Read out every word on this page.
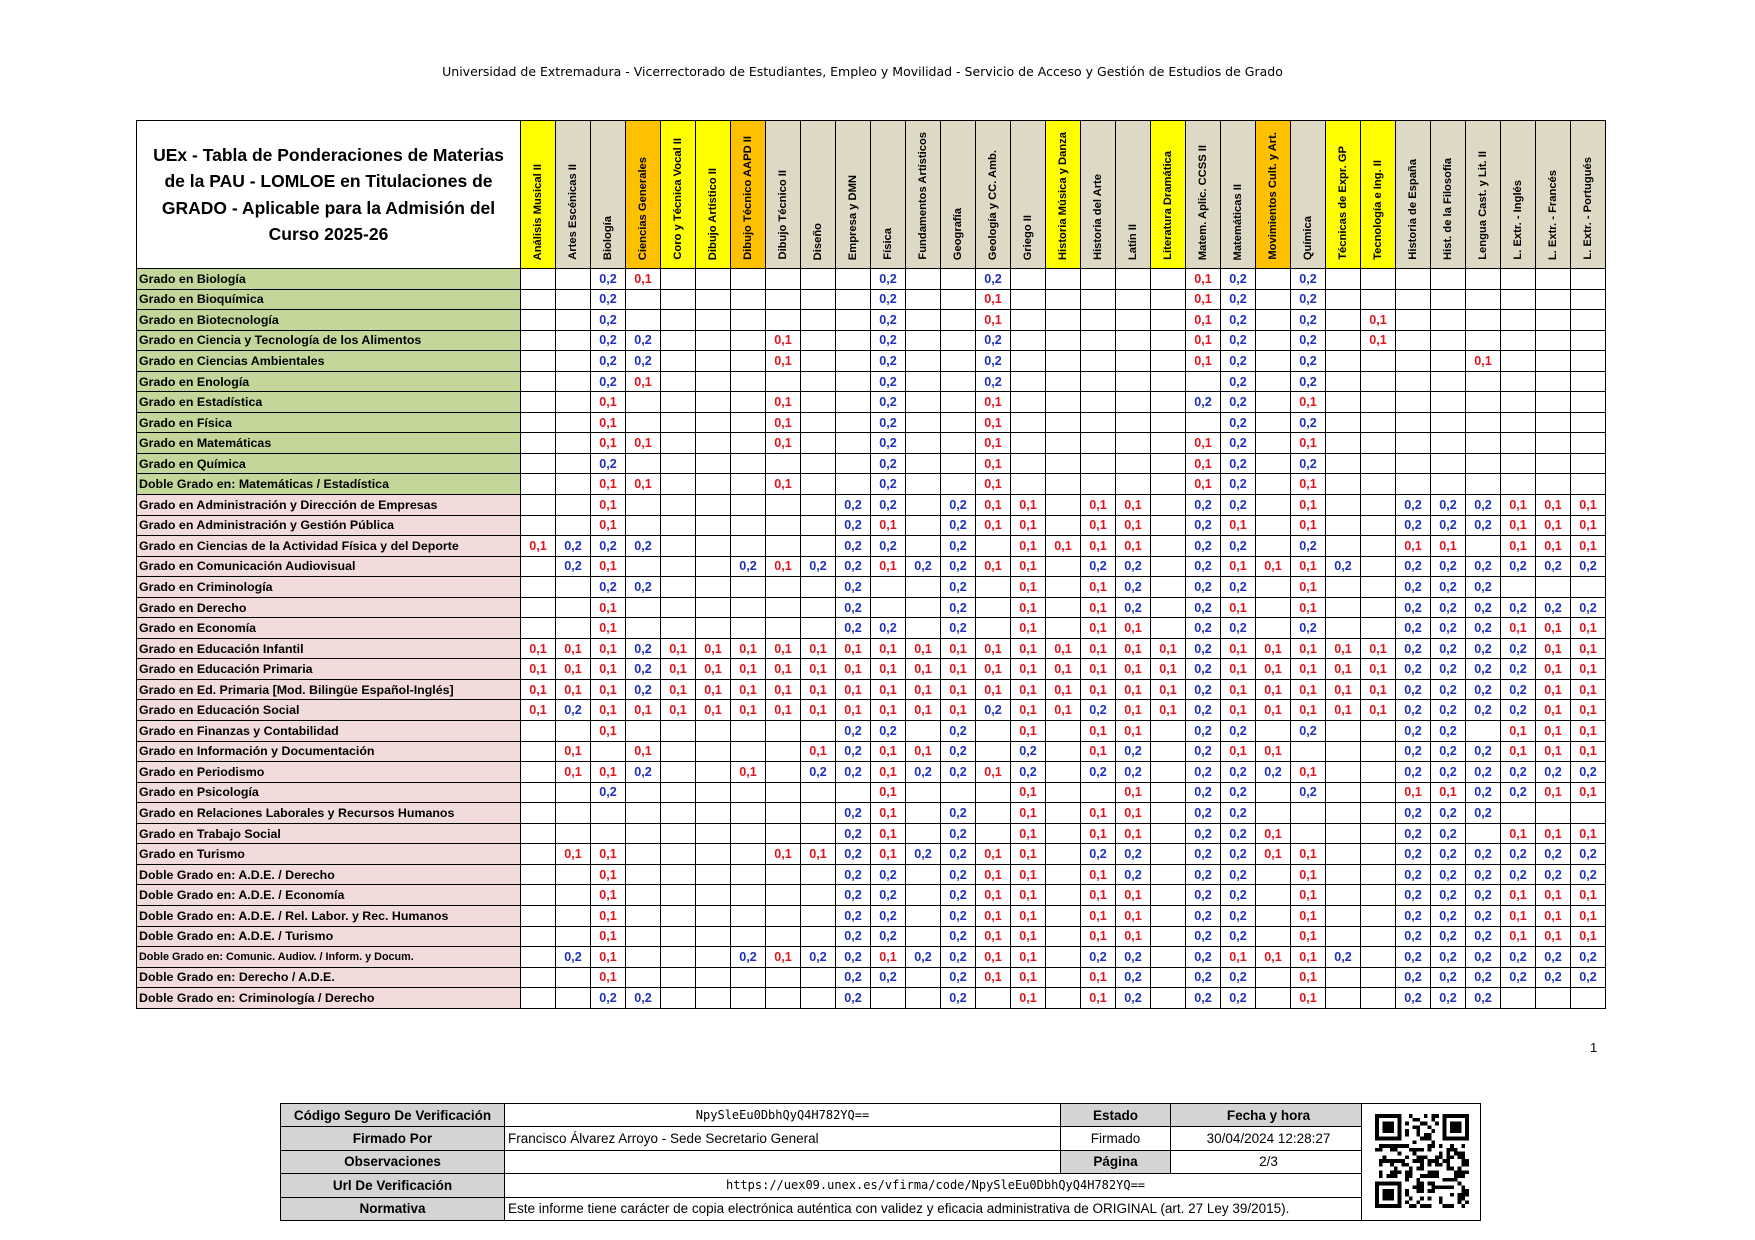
Universidad de Extremadura - Vicerrectorado de Estudiantes, Empleo y Movilidad - Servicio de Acceso y Gestión de Estudios de Grado
UEx - Tabla de Ponderaciones de Materias de la PAU - LOMLOE en Titulaciones de GRADO - Aplicable para la Admisión del Curso 2025-26	Análisis Musical II	Artes Escénicas II	Biología	Ciencias Generales	Coro y Técnica Vocal II	Dibujo Artístico II	Dibujo Técnico AAPD II	Dibujo Técnico II	Diseño	Empresa y DMN	Física	Fundamentos Artísticos	Geografía	Geología y CC. Amb.	Griego II	Historia Música y Danza	Historia del Arte	Latín II	Literatura Dramática	Matem. Aplic. CCSS II	Matemáticas II	Movimientos Cult. y Art.	Química	Técnicas de Expr. GP	Tecnología e Ing. II	Historia de España	Hist. de la Filosofía	Lengua Cast. y Lit. II	L. Extr. - Inglés	L. Extr. - Francés	L. Extr. - Portugués
Grado en Biología			0,2	0,1							0,2			0,2						0,1	0,2		0,2								
Grado en Bioquímica			0,2								0,2			0,1						0,1	0,2		0,2								
Grado en Biotecnología			0,2								0,2			0,1						0,1	0,2		0,2		0,1						
Grado en Ciencia y Tecnología de los Alimentos			0,2	0,2				0,1			0,2			0,2						0,1	0,2		0,2		0,1						
Grado en Ciencias Ambientales			0,2	0,2				0,1			0,2			0,2						0,1	0,2		0,2					0,1			
Grado en Enología			0,2	0,1							0,2			0,2							0,2		0,2								
Grado en Estadística			0,1					0,1			0,2			0,1						0,2	0,2		0,1								
Grado en Física			0,1					0,1			0,2			0,1							0,2		0,2								
Grado en Matemáticas			0,1	0,1				0,1			0,2			0,1						0,1	0,2		0,1								
Grado en Química			0,2								0,2			0,1						0,1	0,2		0,2								
Doble Grado en: Matemáticas / Estadística			0,1	0,1				0,1			0,2			0,1						0,1	0,2		0,1								
Grado en Administración y Dirección de Empresas			0,1							0,2	0,2		0,2	0,1	0,1		0,1	0,1		0,2	0,2		0,1			0,2	0,2	0,2	0,1	0,1	0,1
Grado en Administración y Gestión Pública			0,1							0,2	0,1		0,2	0,1	0,1		0,1	0,1		0,2	0,1		0,1			0,2	0,2	0,2	0,1	0,1	0,1
Grado en Ciencias de la Actividad Física y del Deporte	0,1	0,2	0,2	0,2						0,2	0,2		0,2		0,1	0,1	0,1	0,1		0,2	0,2		0,2			0,1	0,1		0,1	0,1	0,1
Grado en Comunicación Audiovisual		0,2	0,1				0,2	0,1	0,2	0,2	0,1	0,2	0,2	0,1	0,1		0,2	0,2		0,2	0,1	0,1	0,1	0,2		0,2	0,2	0,2	0,2	0,2	0,2
Grado en Criminología			0,2	0,2						0,2			0,2		0,1		0,1	0,2		0,2	0,2		0,1			0,2	0,2	0,2			
Grado en Derecho			0,1							0,2			0,2		0,1		0,1	0,2		0,2	0,1		0,1			0,2	0,2	0,2	0,2	0,2	0,2
Grado en Economía			0,1							0,2	0,2		0,2		0,1		0,1	0,1		0,2	0,2		0,2			0,2	0,2	0,2	0,1	0,1	0,1
Grado en Educación Infantil	0,1	0,1	0,1	0,2	0,1	0,1	0,1	0,1	0,1	0,1	0,1	0,1	0,1	0,1	0,1	0,1	0,1	0,1	0,1	0,2	0,1	0,1	0,1	0,1	0,1	0,2	0,2	0,2	0,2	0,1	0,1
Grado en Educación Primaria	0,1	0,1	0,1	0,2	0,1	0,1	0,1	0,1	0,1	0,1	0,1	0,1	0,1	0,1	0,1	0,1	0,1	0,1	0,1	0,2	0,1	0,1	0,1	0,1	0,1	0,2	0,2	0,2	0,2	0,1	0,1
Grado en Ed. Primaria [Mod. Bilingüe Español-Inglés]	0,1	0,1	0,1	0,2	0,1	0,1	0,1	0,1	0,1	0,1	0,1	0,1	0,1	0,1	0,1	0,1	0,1	0,1	0,1	0,2	0,1	0,1	0,1	0,1	0,1	0,2	0,2	0,2	0,2	0,1	0,1
Grado en Educación Social	0,1	0,2	0,1	0,1	0,1	0,1	0,1	0,1	0,1	0,1	0,1	0,1	0,1	0,2	0,1	0,1	0,2	0,1	0,1	0,2	0,1	0,1	0,1	0,1	0,1	0,2	0,2	0,2	0,2	0,1	0,1
Grado en Finanzas y Contabilidad			0,1							0,2	0,2		0,2		0,1		0,1	0,1		0,2	0,2		0,2			0,2	0,2		0,1	0,1	0,1
Grado en Información y Documentación		0,1		0,1					0,1	0,2	0,1	0,1	0,2		0,2		0,1	0,2		0,2	0,1	0,1				0,2	0,2	0,2	0,1	0,1	0,1
Grado en Periodismo		0,1	0,1	0,2			0,1		0,2	0,2	0,1	0,2	0,2	0,1	0,2		0,2	0,2		0,2	0,2	0,2	0,1			0,2	0,2	0,2	0,2	0,2	0,2
Grado en Psicología			0,2								0,1				0,1			0,1		0,2	0,2		0,2			0,1	0,1	0,2	0,2	0,1	0,1
Grado en Relaciones Laborales y Recursos Humanos										0,2	0,1		0,2		0,1		0,1	0,1		0,2	0,2					0,2	0,2	0,2			
Grado en Trabajo Social										0,2	0,1		0,2		0,1		0,1	0,1		0,2	0,2	0,1				0,2	0,2		0,1	0,1	0,1
Grado en Turismo		0,1	0,1					0,1	0,1	0,2	0,1	0,2	0,2	0,1	0,1		0,2	0,2		0,2	0,2	0,1	0,1			0,2	0,2	0,2	0,2	0,2	0,2
Doble Grado en: A.D.E. / Derecho			0,1							0,2	0,2		0,2	0,1	0,1		0,1	0,2		0,2	0,2		0,1			0,2	0,2	0,2	0,2	0,2	0,2
Doble Grado en: A.D.E. / Economía			0,1							0,2	0,2		0,2	0,1	0,1		0,1	0,1		0,2	0,2		0,1			0,2	0,2	0,2	0,1	0,1	0,1
Doble Grado en: A.D.E. / Rel. Labor. y Rec. Humanos			0,1							0,2	0,2		0,2	0,1	0,1		0,1	0,1		0,2	0,2		0,1			0,2	0,2	0,2	0,1	0,1	0,1
Doble Grado en: A.D.E. / Turismo			0,1							0,2	0,2		0,2	0,1	0,1		0,1	0,1		0,2	0,2		0,1			0,2	0,2	0,2	0,1	0,1	0,1
Doble Grado en: Comunic. Audiov. / Inform. y Docum.		0,2	0,1				0,2	0,1	0,2	0,2	0,1	0,2	0,2	0,1	0,1		0,2	0,2		0,2	0,1	0,1	0,1	0,2		0,2	0,2	0,2	0,2	0,2	0,2
Doble Grado en: Derecho / A.D.E.			0,1							0,2	0,2		0,2	0,1	0,1		0,1	0,2		0,2	0,2		0,1			0,2	0,2	0,2	0,2	0,2	0,2
Doble Grado en: Criminología / Derecho			0,2	0,2						0,2			0,2		0,1		0,1	0,2		0,2	0,2		0,1			0,2	0,2	0,2			
1
Código Seguro De Verificación	NpySleEu0DbhQyQ4H782YQ==	Estado	Fecha y hora
Firmado Por	Francisco Álvarez Arroyo - Sede Secretario General	Firmado	30/04/2024 12:28:27
Observaciones		Página	2/3
Url De Verificación	https://uex09.unex.es/vfirma/code/NpySleEu0DbhQyQ4H782YQ==		
Normativa	Este informe tiene carácter de copia electrónica auténtica con validez y eficacia administrativa de ORIGINAL (art. 27 Ley 39/2015).		
